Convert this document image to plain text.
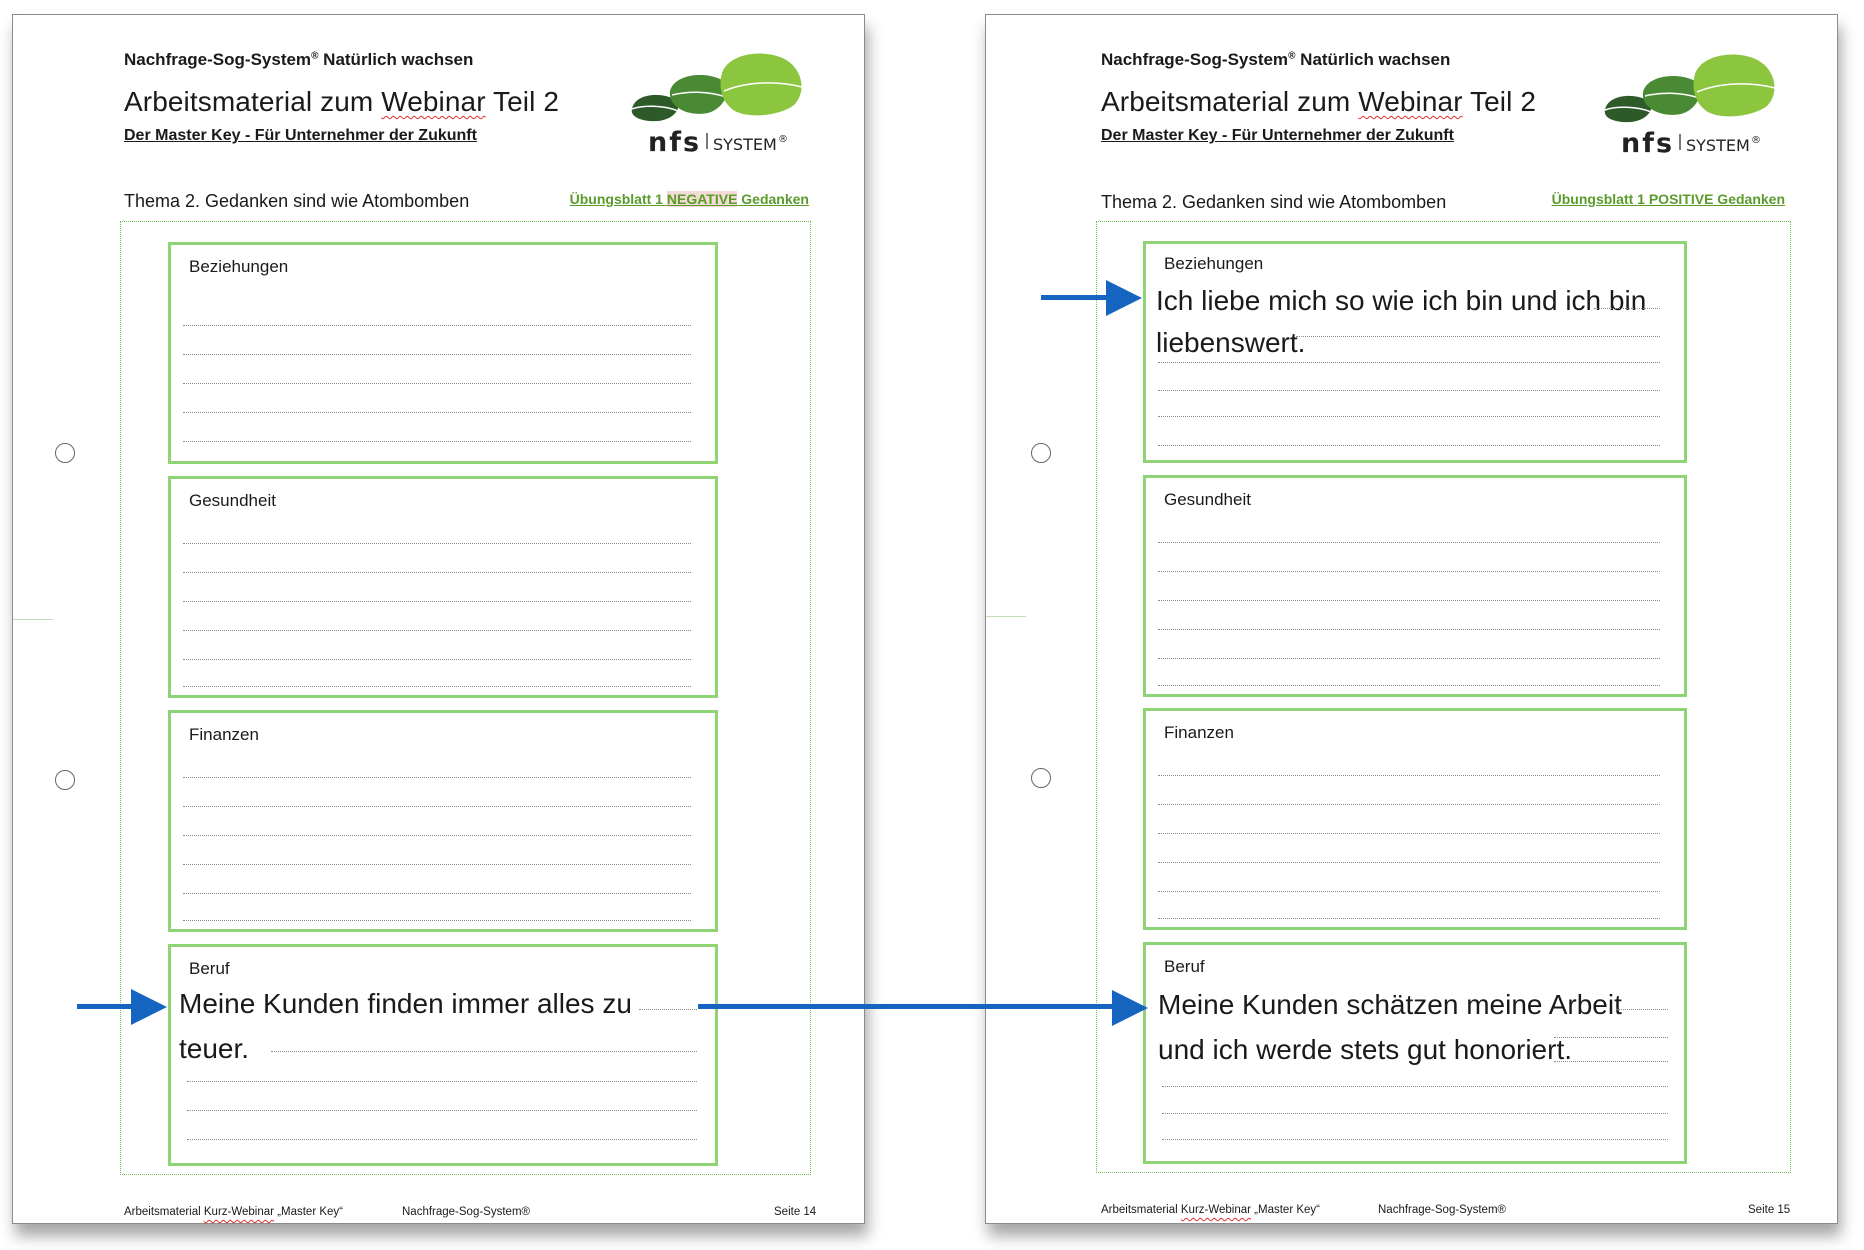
Nachfrage-Sog-System® Natürlich wachsen
Arbeitsmaterial zum Webinar Teil 2
Der Master Key - Für Unternehmer der Zukunft	nfs SYSTEM ®
Thema 2. Gedanken sind wie Atombomben	Übungsblatt 1 NEGATIVE Gedanken
Beziehungen
Gesundheit
Finanzen
Beruf
Meine Kunden finden immer alles zu
teuer.
Arbeitsmaterial Kurz-Webinar „Master Key“	Nachfrage-Sog-System®	Seite 14
Nachfrage-Sog-System® Natürlich wachsen
Arbeitsmaterial zum Webinar Teil 2
Der Master Key - Für Unternehmer der Zukunft	nfs SYSTEM ®
Thema 2. Gedanken sind wie Atombomben	Übungsblatt 1 POSITIVE Gedanken
Beziehungen
Ich liebe mich so wie ich bin und ich bin
liebenswert.
Gesundheit
Finanzen
Beruf
Meine Kunden schätzen meine Arbeit
und ich werde stets gut honoriert.
Arbeitsmaterial Kurz-Webinar „Master Key“	Nachfrage-Sog-System®	Seite 15
